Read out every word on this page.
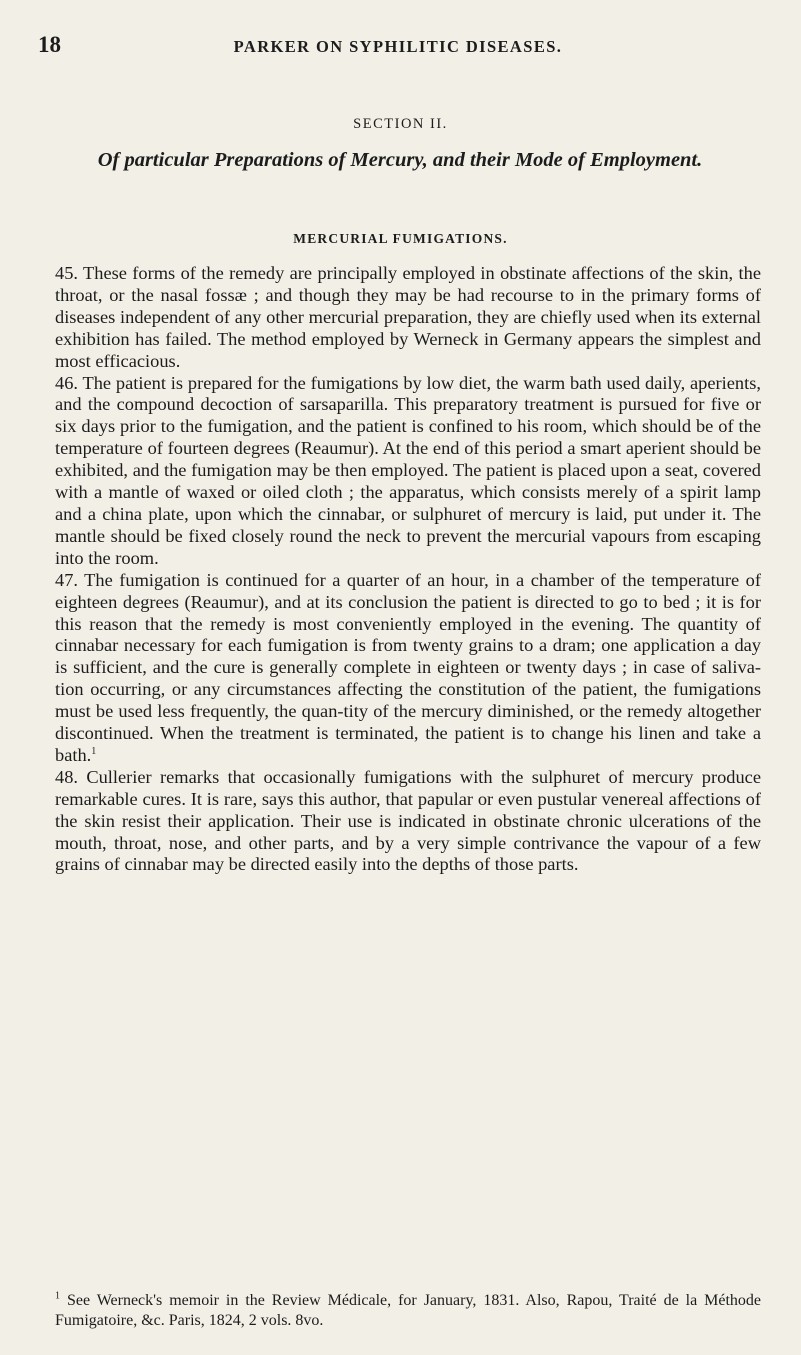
18	PARKER ON SYPHILITIC DISEASES.
SECTION II.
Of particular Preparations of Mercury, and their Mode of Employment.
MERCURIAL FUMIGATIONS.

45. These forms of the remedy are principally employed in obstinate affections of the skin, the throat, or the nasal fossæ ; and though they may be had recourse to in the primary forms of diseases independent of any other mercurial preparation, they are chiefly used when its external exhibition has failed. The method employed by Werneck in Germany appears the simplest and most efficacious.

46. The patient is prepared for the fumigations by low diet, the warm bath used daily, aperients, and the compound decoction of sarsaparilla. This preparatory treatment is pursued for five or six days prior to the fumigation, and the patient is confined to his room, which should be of the temperature of fourteen degrees (Reaumur). At the end of this period a smart aperient should be exhibited, and the fumigation may be then employed. The patient is placed upon a seat, covered with a mantle of waxed or oiled cloth ; the apparatus, which consists merely of a spirit lamp and a china plate, upon which the cinnabar, or sulphuret of mercury is laid, put under it. The mantle should be fixed closely round the neck to prevent the mercurial vapours from escaping into the room.

47. The fumigation is continued for a quarter of an hour, in a chamber of the temperature of eighteen degrees (Reaumur), and at its conclusion the patient is directed to go to bed ; it is for this reason that the remedy is most conveniently employed in the evening. The quantity of cinnabar necessary for each fumigation is from twenty grains to a dram; one application a day is sufficient, and the cure is generally complete in eighteen or twenty days ; in case of saliva-tion occurring, or any circumstances affecting the constitution of the patient, the fumigations must be used less frequently, the quan-tity of the mercury diminished, or the remedy altogether discontinued. When the treatment is terminated, the patient is to change his linen and take a bath.$^1$

48. Cullerier remarks that occasionally fumigations with the sulphuret of mercury produce remarkable cures. It is rare, says this author, that papular or even pustular venereal affections of the skin resist their application. Their use is indicated in obstinate chronic ulcerations of the mouth, throat, nose, and other parts, and by a very simple contrivance the vapour of a few grains of cinnabar may be directed easily into the depths of those parts.

$^1$ See Werneck's memoir in the Review Médicale, for January, 1831. Also, Rapou, Traité de la Méthode Fumigatoire, &c. Paris, 1824, 2 vols. 8vo.
